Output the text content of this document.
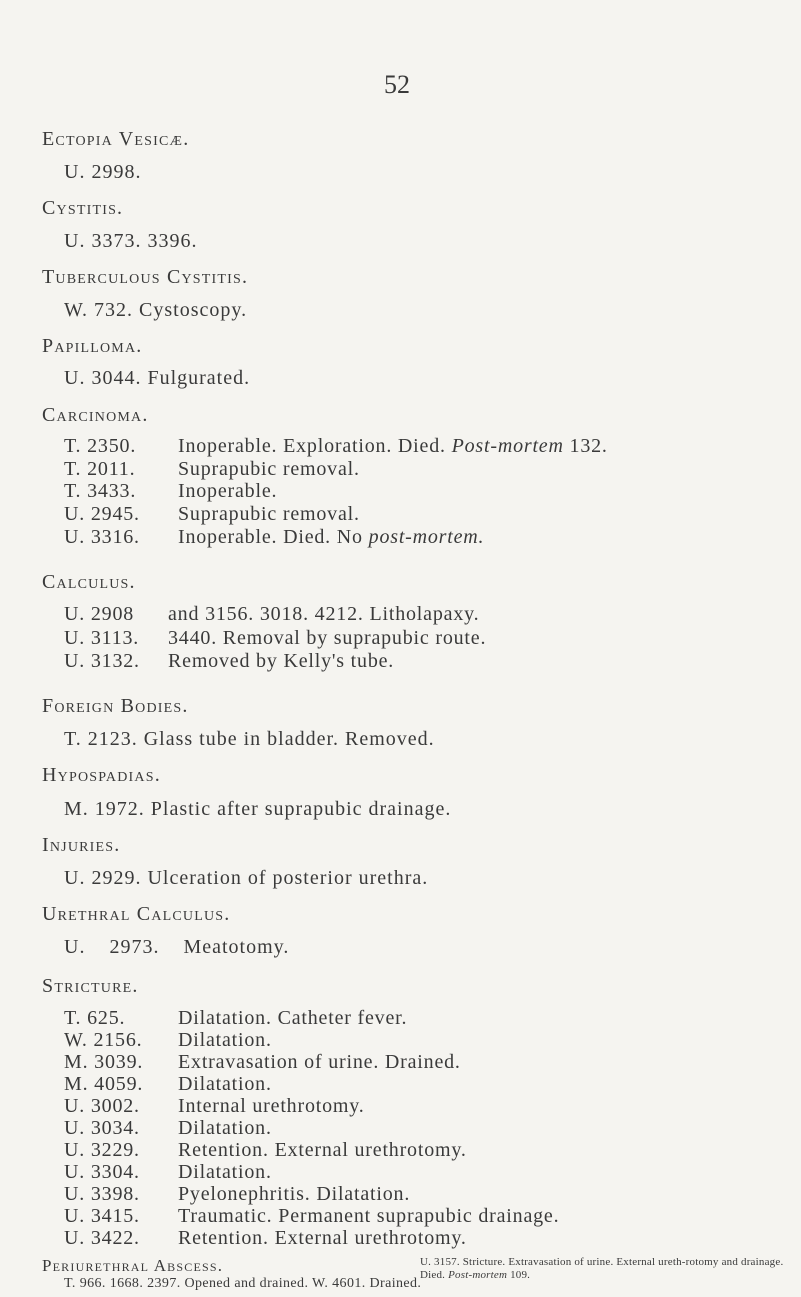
52
Ectopia Vesicæ.
U. 2998.
Cystitis.
U. 3373. 3396.
Tuberculous Cystitis.
W. 732. Cystoscopy.
Papilloma.
U. 3044. Fulgurated.
Carcinoma.
T. 2350. Inoperable. Exploration. Died. Post-mortem 132.
T. 2011. Suprapubic removal.
T. 3433. Inoperable.
U. 2945. Suprapubic removal.
U. 3316. Inoperable. Died. No post-mortem.
Calculus.
U. 2908 and 3156. 3018. 4212. Litholapaxy.
U. 3113. 3440. Removal by suprapubic route.
U. 3132. Removed by Kelly's tube.
Foreign Bodies.
T. 2123. Glass tube in bladder. Removed.
Hypospadias.
M. 1972. Plastic after suprapubic drainage.
Injuries.
U. 2929. Ulceration of posterior urethra.
Urethral Calculus.
U. 2973. Meatotomy.
Stricture.
T. 625.	Dilatation. Catheter fever.
W. 2156. Dilatation.
M. 3039. Extravasation of urine. Drained.
M. 4059. Dilatation.
U. 3002. Internal urethrotomy.
U. 3034. Dilatation.
U. 3229. Retention. External urethrotomy.
U. 3304. Dilatation.
U. 3398. Pyelonephritis. Dilatation.
U. 3415. Traumatic. Permanent suprapubic drainage.
U. 3422. Retention. External urethrotomy.
Periurethral Abscess.
T. 966. 1668. 2397. Opened and drained. W. 4601. Drained.
U. 3157. Stricture. Extravasation of urine. External ureth-rotomy and drainage. Died. Post-mortem 109.
